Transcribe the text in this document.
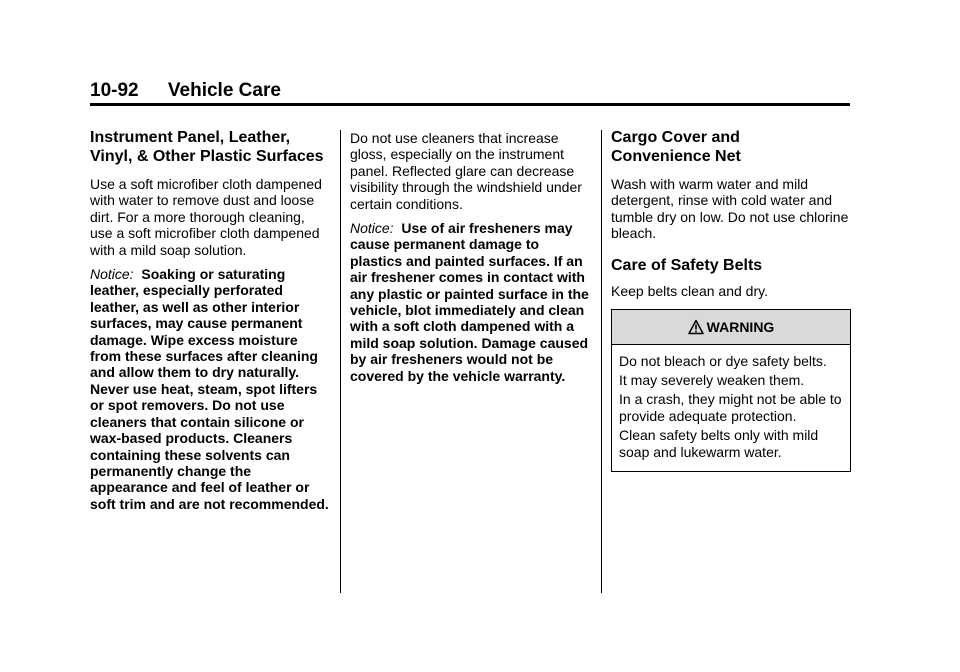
10-92 Vehicle Care
Instrument Panel, Leather,
Vinyl, & Other Plastic Surfaces

Use a soft microfiber cloth dampened with water to remove dust and loose dirt. For a more thorough cleaning, use a soft microfiber cloth dampened with a mild soap solution.

Notice: Soaking or saturating leather, especially perforated leather, as well as other interior surfaces, may cause permanent damage. Wipe excess moisture from these surfaces after cleaning and allow them to dry naturally. Never use heat, steam, spot lifters or spot removers. Do not use cleaners that contain silicone or wax-based products. Cleaners containing these solvents can permanently change the appearance and feel of leather or soft trim and are not recommended.

Do not use cleaners that increase gloss, especially on the instrument panel. Reflected glare can decrease visibility through the windshield under certain conditions.

Notice: Use of air fresheners may cause permanent damage to plastics and painted surfaces. If an air freshener comes in contact with any plastic or painted surface in the vehicle, blot immediately and clean with a soft cloth dampened with a mild soap solution. Damage caused by air fresheners would not be covered by the vehicle warranty.

Cargo Cover and
Convenience Net

Wash with warm water and mild detergent, rinse with cold water and tumble dry on low. Do not use chlorine bleach.

Care of Safety Belts

Keep belts clean and dry.

WARNING

Do not bleach or dye safety belts.

It may severely weaken them.

In a crash, they might not be able to provide adequate protection.

Clean safety belts only with mild soap and lukewarm water.
